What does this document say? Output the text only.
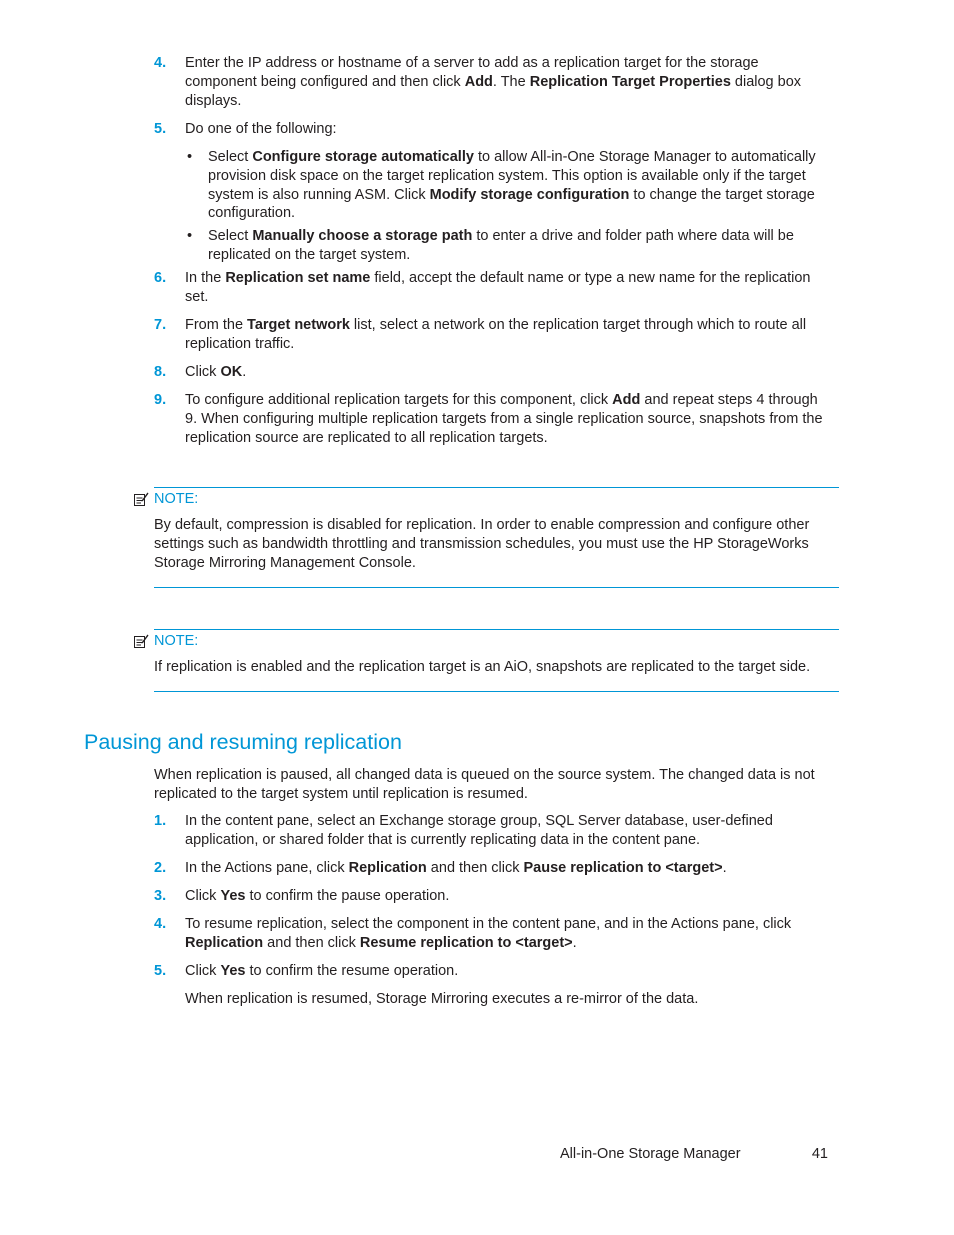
4. Enter the IP address or hostname of a server to add as a replication target for the storage component being configured and then click Add. The Replication Target Properties dialog box displays.
5. Do one of the following:
• Select Configure storage automatically to allow All-in-One Storage Manager to automatically provision disk space on the target replication system. This option is available only if the target system is also running ASM. Click Modify storage configuration to change the target storage configuration.
• Select Manually choose a storage path to enter a drive and folder path where data will be replicated on the target system.
6. In the Replication set name field, accept the default name or type a new name for the replication set.
7. From the Target network list, select a network on the replication target through which to route all replication traffic.
8. Click OK.
9. To configure additional replication targets for this component, click Add and repeat steps 4 through 9. When configuring multiple replication targets from a single replication source, snapshots from the replication source are replicated to all replication targets.
NOTE:
By default, compression is disabled for replication. In order to enable compression and configure other settings such as bandwidth throttling and transmission schedules, you must use the HP StorageWorks Storage Mirroring Management Console.
NOTE:
If replication is enabled and the replication target is an AiO, snapshots are replicated to the target side.
Pausing and resuming replication
When replication is paused, all changed data is queued on the source system. The changed data is not replicated to the target system until replication is resumed.
1. In the content pane, select an Exchange storage group, SQL Server database, user-defined application, or shared folder that is currently replicating data in the content pane.
2. In the Actions pane, click Replication and then click Pause replication to <target>.
3. Click Yes to confirm the pause operation.
4. To resume replication, select the component in the content pane, and in the Actions pane, click Replication and then click Resume replication to <target>.
5. Click Yes to confirm the resume operation.
When replication is resumed, Storage Mirroring executes a re-mirror of the data.
All-in-One Storage Manager	41
